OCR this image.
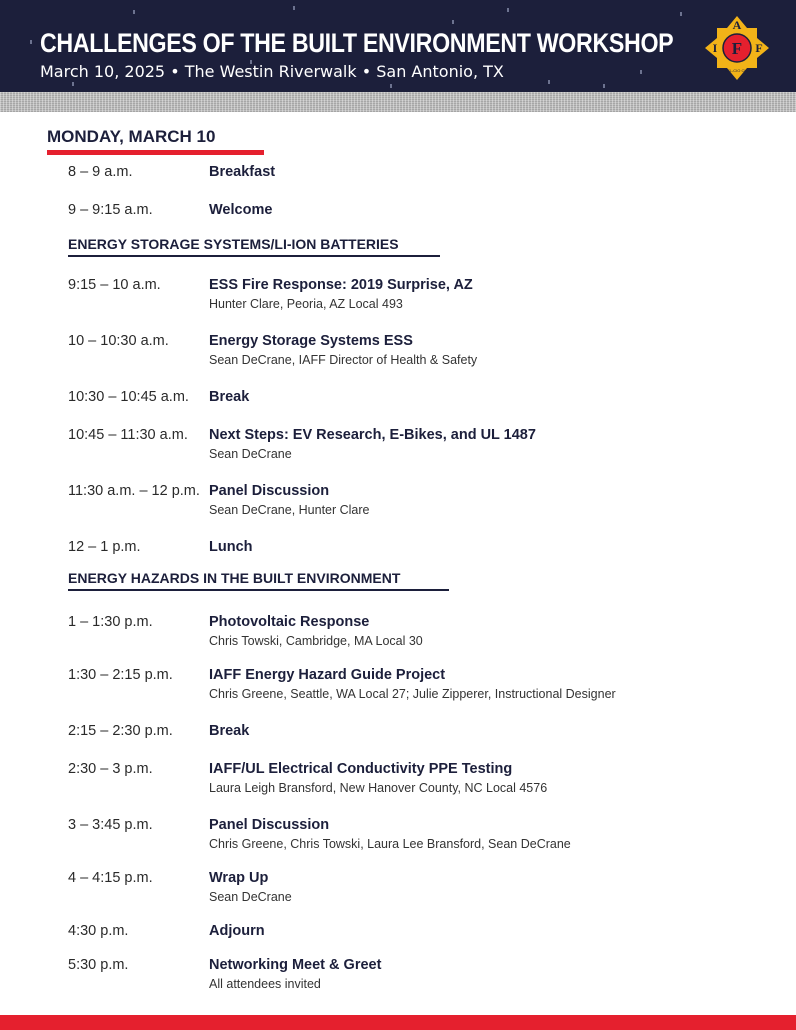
CHALLENGES OF THE BUILT ENVIRONMENT WORKSHOP
March 10, 2025 • The Westin Riverwalk • San Antonio, TX
F
A
I	F
AFL-CIO CLC
MONDAY, MARCH 10
8 – 9 a.m.	Breakfast
9 – 9:15 a.m.	Welcome
ENERGY STORAGE SYSTEMS/LI-ION BATTERIES
9:15 – 10 a.m.	ESS Fire Response: 2019 Surprise, AZ
Hunter Clare, Peoria, AZ Local 493
10 – 10:30 a.m.	Energy Storage Systems ESS
Sean DeCrane, IAFF Director of Health & Safety
10:30 – 10:45 a.m. Break
10:45 – 11:30 a.m. Next Steps: EV Research, E-Bikes, and UL 1487
Sean DeCrane
11:30 a.m. – 12 p.m. Panel Discussion
Sean DeCrane, Hunter Clare
12 – 1 p.m.	Lunch
ENERGY HAZARDS IN THE BUILT ENVIRONMENT
1 – 1:30 p.m.	Photovoltaic Response
Chris Towski, Cambridge, MA Local 30
1:30 – 2:15 p.m. IAFF Energy Hazard Guide Project
Chris Greene, Seattle, WA Local 27; Julie Zipperer, Instructional Designer
2:15 – 2:30 p.m. Break
2:30 – 3 p.m.	IAFF/UL Electrical Conductivity PPE Testing
Laura Leigh Bransford, New Hanover County, NC Local 4576
3 – 3:45 p.m.	Panel Discussion
Chris Greene, Chris Towski, Laura Lee Bransford, Sean DeCrane
4 – 4:15 p.m.	Wrap Up
Sean DeCrane
4:30 p.m.	Adjourn
5:30 p.m.	Networking Meet & Greet
All attendees invited
